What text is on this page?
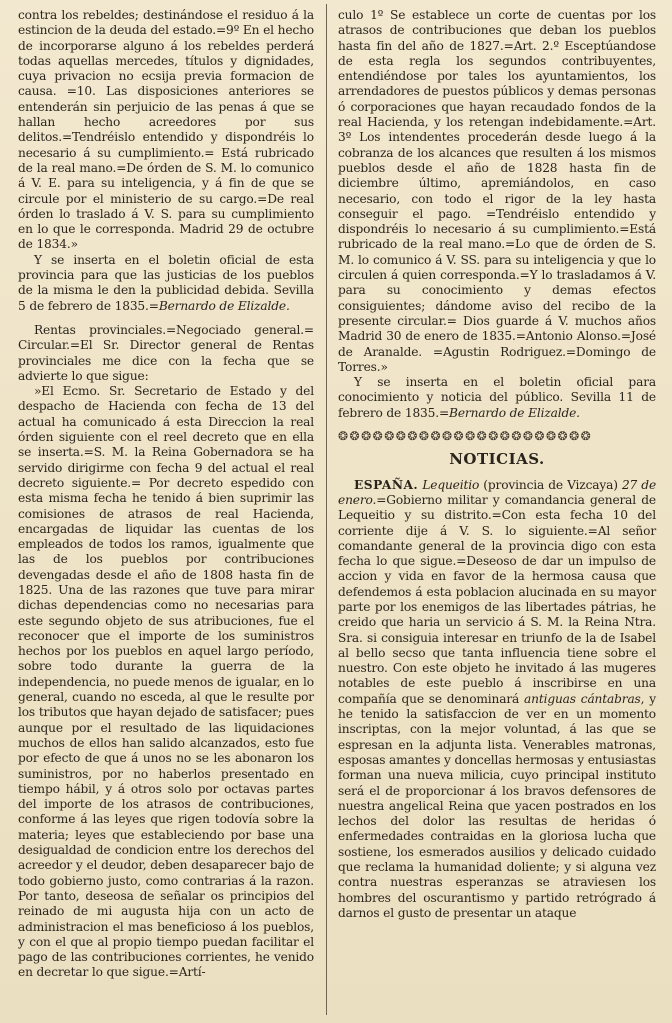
contra los rebeldes; destinándose el residuo á la estincion de la deuda del estado.=9º En el hecho de incorporarse alguno á los rebeldes perderá todas aquellas mercedes, títulos y dignidades, cuya privacion no ecsija previa formacion de causa. =10. Las disposiciones anteriores se entenderán sin perjuicio de las penas á que se hallan hecho acreedores por sus delitos.=Tendréislo entendido y dispondréis lo necesario á su cumplimiento.= Está rubricado de la real mano.=De órden de S. M. lo comunico á V. E. para su inteligencia, y á fin de que se circule por el ministerio de su cargo.=De real órden lo traslado á V. S. para su cumplimiento en lo que le corresponda. Madrid 29 de octubre de 1834.»

Y se inserta en el boletin oficial de esta provincia para que las justicias de los pueblos de la misma le den la publicidad debida. Sevilla 5 de febrero de 1835.=Bernardo de Elizalde.

Rentas provinciales.=Negociado general.= Circular.=El Sr. Director general de Rentas provinciales me dice con la fecha que se advierte lo que sigue:

»El Ecmo. Sr. Secretario de Estado y del despacho de Hacienda con fecha de 13 del actual ha comunicado á esta Direccion la real órden siguiente con el reel decreto que en ella se inserta.=S. M. la Reina Gobernadora se ha servido dirigirme con fecha 9 del actual el real decreto siguiente.= Por decreto espedido con esta misma fecha he tenido á bien suprimir las comisiones de atrasos de real Hacienda, encargadas de liquidar las cuentas de los empleados de todos los ramos, igualmente que las de los pueblos por contribuciones devengadas desde el año de 1808 hasta fin de 1825. Una de las razones que tuve para mirar dichas dependencias como no necesarias para este segundo objeto de sus atribuciones, fue el reconocer que el importe de los suministros hechos por los pueblos en aquel largo período, sobre todo durante la guerra de la independencia, no puede menos de igualar, en lo general, cuando no esceda, al que le resulte por los tributos que hayan dejado de satisfacer; pues aunque por el resultado de las liquidaciones muchos de ellos han salido alcanzados, esto fue por efecto de que á unos no se les abonaron los suministros, por no haberlos presentado en tiempo hábil, y á otros solo por octavas partes del importe de los atrasos de contribuciones, conforme á las leyes que rigen todovía sobre la materia; leyes que estableciendo por base una desigualdad de condicion entre los derechos del acreedor y el deudor, deben desaparecer bajo de todo gobierno justo, como contrarias á la razon. Por tanto, deseosa de señalar os principios del reinado de mi augusta hija con un acto de administracion el mas beneficioso á los pueblos, y con el que al propio tiempo puedan facilitar el pago de las contribuciones corrientes, he venido en decretar lo que sigue.=Artí-

culo 1º Se establece un corte de cuentas por los atrasos de contribuciones que deban los pueblos hasta fin del año de 1827.=Art. 2.º Esceptúandose de esta regla los segundos contribuyentes, entendiéndose por tales los ayuntamientos, los arrendadores de puestos públicos y demas personas ó corporaciones que hayan recaudado fondos de la real Hacienda, y los retengan indebidamente.=Art. 3º Los intendentes procederán desde luego á la cobranza de los alcances que resulten á los mismos pueblos desde el año de 1828 hasta fin de diciembre último, apremiándolos, en caso necesario, con todo el rigor de la ley hasta conseguir el pago. =Tendréislo entendido y dispondréis lo necesario á su cumplimiento.=Está rubricado de la real mano.=Lo que de órden de S. M. lo comunico á V. SS. para su inteligencia y que lo circulen á quien corresponda.=Y lo trasladamos á V. para su conocimiento y demas efectos consiguientes; dándome aviso del recibo de la presente circular.= Dios guarde á V. muchos años Madrid 30 de enero de 1835.=Antonio Alonso.=José de Aranalde. =Agustin Rodriguez.=Domingo de Torres.»

Y se inserta en el boletin oficial para conocimiento y noticia del público. Sevilla 11 de febrero de 1835.=Bernardo de Elizalde.

❂❂❂❂❂❂❂❂❂❂❂❂❂❂❂❂❂❂❂❂❂❂
NOTICIAS.

ESPAÑA. Lequeitio (provincia de Vizcaya) 27 de enero.=Gobierno militar y comandancia general de Lequeitio y su distrito.=Con esta fecha 10 del corriente dije á V. S. lo siguiente.=Al señor comandante general de la provincia digo con esta fecha lo que sigue.=Deseoso de dar un impulso de accion y vida en favor de la hermosa causa que defendemos á esta poblacion alucinada en su mayor parte por los enemigos de las libertades pátrias, he creido que haria un servicio á S. M. la Reina Ntra. Sra. si consiguia interesar en triunfo de la de Isabel al bello secso que tanta influencia tiene sobre el nuestro. Con este objeto he invitado á las mugeres notables de este pueblo á inscribirse en una compañía que se denominará antiguas cántabras, y he tenido la satisfaccion de ver en un momento inscriptas, con la mejor voluntad, á las que se espresan en la adjunta lista. Venerables matronas, esposas amantes y doncellas hermosas y entusiastas forman una nueva milicia, cuyo principal instituto será el de proporcionar á los bravos defensores de nuestra angelical Reina que yacen postrados en los lechos del dolor las resultas de heridas ó enfermedades contraidas en la gloriosa lucha que sostiene, los esmerados ausilios y delicado cuidado que reclama la humanidad doliente; y si alguna vez contra nuestras esperanzas se atraviesen los hombres del oscurantismo y partido retrógrado á darnos el gusto de presentar un ataque
